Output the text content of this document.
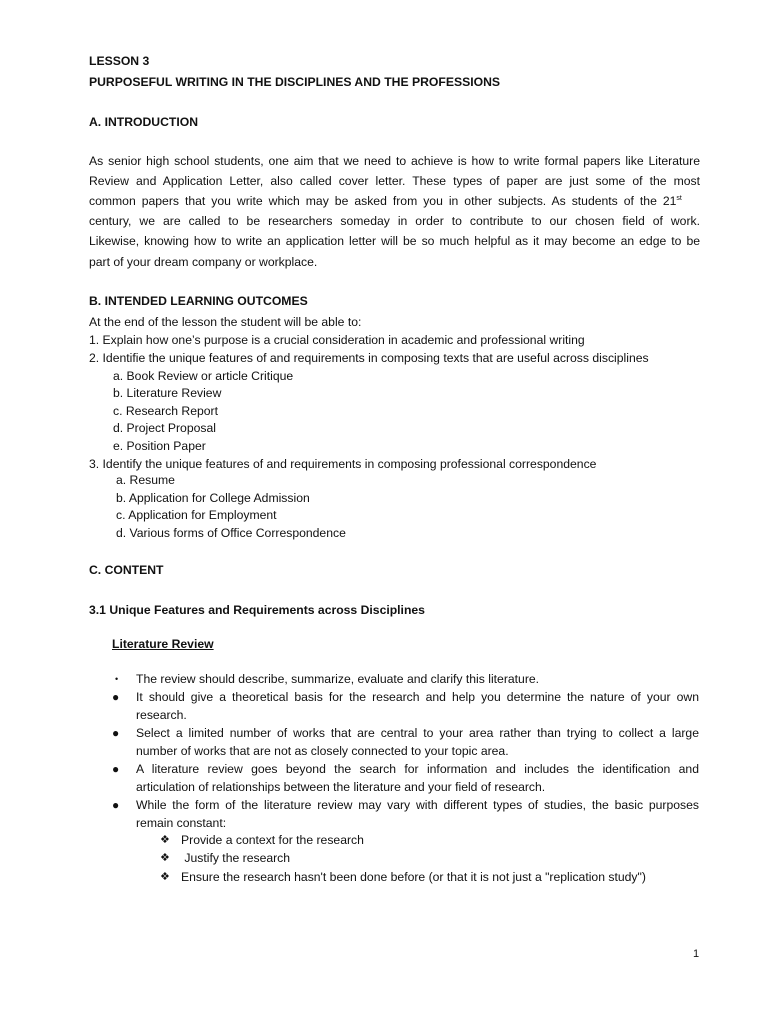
LESSON 3
PURPOSEFUL WRITING IN THE DISCIPLINES AND THE PROFESSIONS
A. INTRODUCTION
As senior high school students, one aim that we need to achieve is how to write formal papers like Literature
Review and Application Letter, also called cover letter. These types of paper are just some of the most
common papers that you write which may be asked from you in other subjects. As students of the 21st
century, we are called to be researchers someday in order to contribute to our chosen field of work.
Likewise, knowing how to write an application letter will be so much helpful as it may become an edge to be
part of your dream company or workplace.
B. INTENDED LEARNING OUTCOMES
At the end of the lesson the student will be able to:
1. Explain how one’s purpose is a crucial consideration in academic and professional writing
2. Identifie the unique features of and requirements in composing texts that are useful across disciplines
a. Book Review or article Critique
b. Literature Review
c. Research Report
d. Project Proposal
e. Position Paper
3. Identify the unique features of and requirements in composing professional correspondence
a. Resume
b. Application for College Admission
c. Application for Employment
d. Various forms of Office Correspondence
C. CONTENT
3.1 Unique Features and Requirements across Disciplines
Literature Review
• The review should describe, summarize, evaluate and clarify this literature.
● It should give a theoretical basis for the research and help you determine the nature of your own
research.
● Select a limited number of works that are central to your area rather than trying to collect a large
number of works that are not as closely connected to your topic area.
● A literature review goes beyond the search for information and includes the identification and
articulation of relationships between the literature and your field of research.
● While the form of the literature review may vary with different types of studies, the basic purposes
remain constant:
❖ Provide a context for the research
❖ Justify the research
❖ Ensure the research hasn't been done before (or that it is not just a "replication study")
1
